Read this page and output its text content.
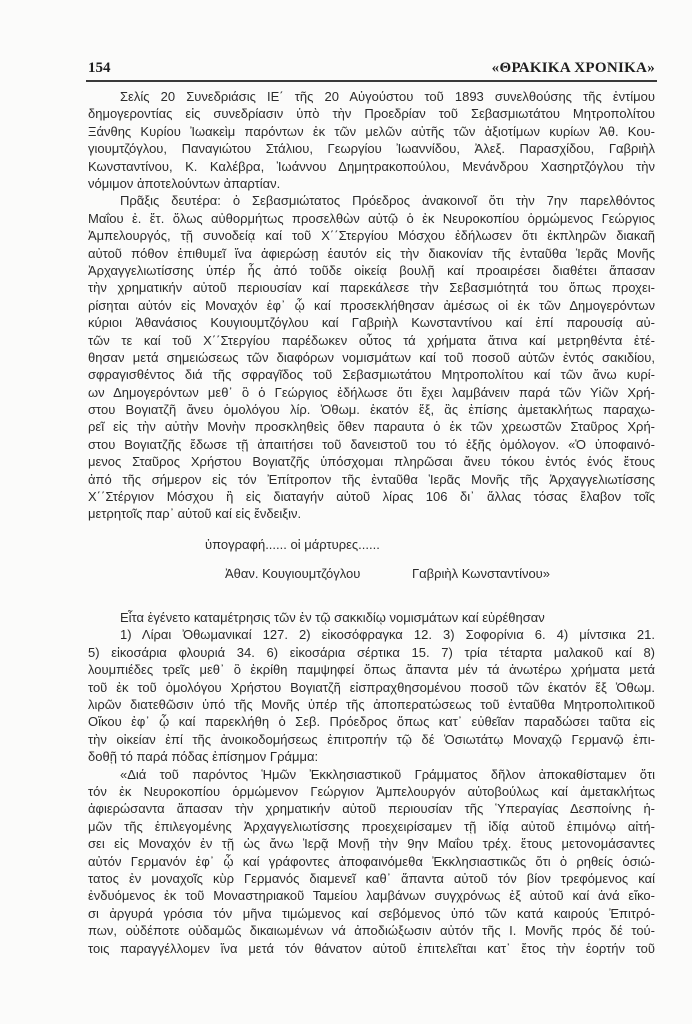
154	«ΘΡΑΚΙΚΑ ΧΡΟΝΙΚΑ»
Σελίς 20 Συνεδριάσις ΙΕ΄ τῆς 20 Αὐγούστου τοῦ 1893 συνελθούσης τῆς ἐντίμου
δημογεροντίας εἰς συνεδρίασιν ὑπὸ τὴν Προεδρίαν τοῦ Σεβασμιωτάτου Μητροπολίτου
Ξάνθης Κυρίου Ἰωακεὶμ παρόντων ἐκ τῶν μελῶν αὐτῆς τῶν ἀξιοτίμων κυρίων Ἀθ. Κου-
γιουμτζόγλου, Παναγιώτου Στάλιου, Γεωργίου Ἰωαννίδου, Ἀλεξ. Παρασχίδου, Γαβριὴλ
Κωνσταντίνου, Κ. Καλέβρα, Ἰωάννου Δημητρακοπούλου, Μενάνδρου Χασηρτζόγλου τὴν
νόμιμον ἀποτελούντων ἀπαρτίαν.
Πρᾶξις δευτέρα: ὁ Σεβασμιώτατος Πρόεδρος ἀνακοινοῖ ὅτι τὴν 7ην παρελθόντος
Μαΐου ἐ. ἔτ. ὅλως αὐθορμήτως προσελθὼν αὐτῷ ὁ ἐκ Νευροκοπίου ὁρμώμενος Γεώργιος
Ἀμπελουργός, τῇ συνοδείᾳ καί τοῦ Χ΄΄Στεργίου Μόσχου ἐδήλωσεν ὅτι ἐκπληρῶν διακαῆ
αὐτοῦ πόθον ἐπιθυμεῖ ἵνα ἀφιερώσῃ ἑαυτόν εἰς τὴν διακονίαν τῆς ἐνταῦθα Ἱερᾶς Μονῆς
Ἀρχαγγελιωτίσσης ὑπέρ ἧς ἀπό τοῦδε οἰκείᾳ βουλῇ καί προαιρέσει διαθέτει ἅπασαν
τὴν χρηματικήν αὐτοῦ περιουσίαν καί παρεκάλεσε τὴν Σεβασμιότητά του ὅπως προχει-
ρίσηται αὐτόν εἰς Μοναχόν ἐφ᾽ ᾧ καί προσεκλήθησαν ἀμέσως οἱ ἐκ τῶν Δημογερόντων
κύριοι Ἀθανάσιος Κουγιουμτζόγλου καί Γαβριὴλ Κωνσταντίνου καί ἐπί παρουσίᾳ αὐ-
τῶν τε καί τοῦ Χ΄΄Στεργίου παρέδωκεν οὗτος τά χρήματα ἅτινα καί μετρηθέντα ἐτέ-
θησαν μετά σημειώσεως τῶν διαφόρων νομισμάτων καί τοῦ ποσοῦ αὐτῶν ἐντός σακιδίου,
σφραγισθέντος διά τῆς σφραγῖδος τοῦ Σεβασμιωτάτου Μητροπολίτου καί τῶν ἄνω κυρί-
ων Δημογερόντων μεθ᾽ ὃ ὁ Γεώργιος ἐδήλωσε ὅτι ἔχει λαμβάνειν παρά τῶν Υἱῶν Χρή-
στου Βογιατζῆ ἄνευ ὁμολόγου λίρ. Ὀθωμ. ἑκατόν ἕξ, ἃς ἐπίσης ἀμετακλήτως παραχω-
ρεῖ εἰς τὴν αὐτὴν Μονὴν προσκληθεὶς ὅθεν παραυτα ὁ ἐκ τῶν χρεωστῶν Σταῦρος Χρή-
στου Βογιατζῆς ἔδωσε τῇ ἀπαιτήσει τοῦ δανειστοῦ του τό ἑξῆς ὁμόλογον. «Ὁ ὑποφαινό-
μενος Σταῦρος Χρήστου Βογιατζῆς ὑπόσχομαι πληρῶσαι ἄνευ τόκου ἐντός ἑνός ἔτους
ἀπό τῆς σήμερον εἰς τόν Ἐπίτροπον τῆς ἐνταῦθα Ἱερᾶς Μονῆς τῆς Ἀρχαγγελιωτίσσης
Χ΄΄Στέργιον Μόσχου ἢ εἰς διαταγήν αὐτοῦ λίρας 106 δι᾽ ἄλλας τόσας ἔλαβον τοῖς
μετρητοῖς παρ᾽ αὐτοῦ καί εἰς ἔνδειξιν.
ὑπογραφή...... οἱ μάρτυρες......
Ἀθαν. Κουγιουμτζόγλου	Γαβριὴλ Κωνσταντίνου»
Εἶτα ἐγένετο καταμέτρησις τῶν ἐν τῷ σακκιδίῳ νομισμάτων καί εὑρέθησαν
1) Λίραι Ὀθωμανικαί 127. 2) εἰκοσόφραγκα 12. 3) Σοφορίνια 6. 4) μίντσικα 21.
5) εἰκοσάρια φλουριά 34. 6) εἰκοσάρια σέρτικα 15. 7) τρία τέταρτα μαλακοῦ καί 8)
λουμπιέδες τρεῖς μεθ᾽ ὃ ἐκρίθη παμψηφεί ὅπως ἅπαντα μέν τά ἀνωτέρω χρήματα μετά
τοῦ ἐκ τοῦ ὁμολόγου Χρήστου Βογιατζῆ εἰσπραχθησομένου ποσοῦ τῶν ἑκατόν ἕξ Ὀθωμ.
λιρῶν διατεθῶσιν ὑπό τῆς Μονῆς ὑπέρ τῆς ἀποπερατώσεως τοῦ ἐνταῦθα Μητροπολιτικοῦ
Οἴκου ἐφ᾽ ᾧ καί παρεκλήθη ὁ Σεβ. Πρόεδρος ὅπως κατ᾽ εὐθεῖαν παραδώσει ταῦτα εἰς
τὴν οἰκείαν ἐπί τῆς ἀνοικοδομήσεως ἐπιτροπήν τῷ δέ Ὁσιωτάτῳ Μοναχῷ Γερμανῷ ἐπι-
δοθῇ τό παρά πόδας ἐπίσημον Γράμμα:
«Διά τοῦ παρόντος Ἡμῶν Ἐκκλησιαστικοῦ Γράμματος δῆλον ἀποκαθίσταμεν ὅτι
τόν ἐκ Νευροκοπίου ὁρμώμενον Γεώργιον Ἀμπελουργόν αὐτοβούλως καί ἀμετακλήτως
ἀφιερώσαντα ἅπασαν τὴν χρηματικήν αὐτοῦ περιουσίαν τῆς Ὑπεραγίας Δεσποίνης ἡ-
μῶν τῆς ἐπιλεγομένης Ἀρχαγγελιωτίσσης προεχειρίσαμεν τῇ ἰδίᾳ αὐτοῦ ἐπιμόνῳ αἰτή-
σει εἰς Μοναχόν ἐν τῇ ὡς ἄνω Ἱερᾷ Μονῇ τὴν 9ην Μαΐου τρέχ. ἔτους μετονομάσαντες
αὐτόν Γερμανόν ἐφ᾽ ᾧ καί γράφοντες ἀποφαινόμεθα Ἐκκλησιαστικῶς ὅτι ὁ ρηθείς ὁσιώ-
τατος ἐν μοναχοῖς κὺρ Γερμανός διαμενεῖ καθ᾽ ἅπαντα αὐτοῦ τόν βίον τρεφόμενος καί
ἐνδυόμενος ἐκ τοῦ Μοναστηριακοῦ Ταμείου λαμβάνων συγχρόνως ἐξ αὐτοῦ καί ἀνά εἴκο-
σι ἀργυρά γρόσια τόν μῆνα τιμώμενος καί σεβόμενος ὑπό τῶν κατά καιρούς Ἐπιτρό-
πων, οὐδέποτε οὐδαμῶς δικαιωμένων νά ἀποδιώξωσιν αὐτόν τῆς Ι. Μονῆς πρός δέ τού-
τοις παραγγέλλομεν ἵνα μετά τόν θάνατον αὐτοῦ ἐπιτελεῖται κατ᾽ ἔτος τὴν ἑορτήν τοῦ
